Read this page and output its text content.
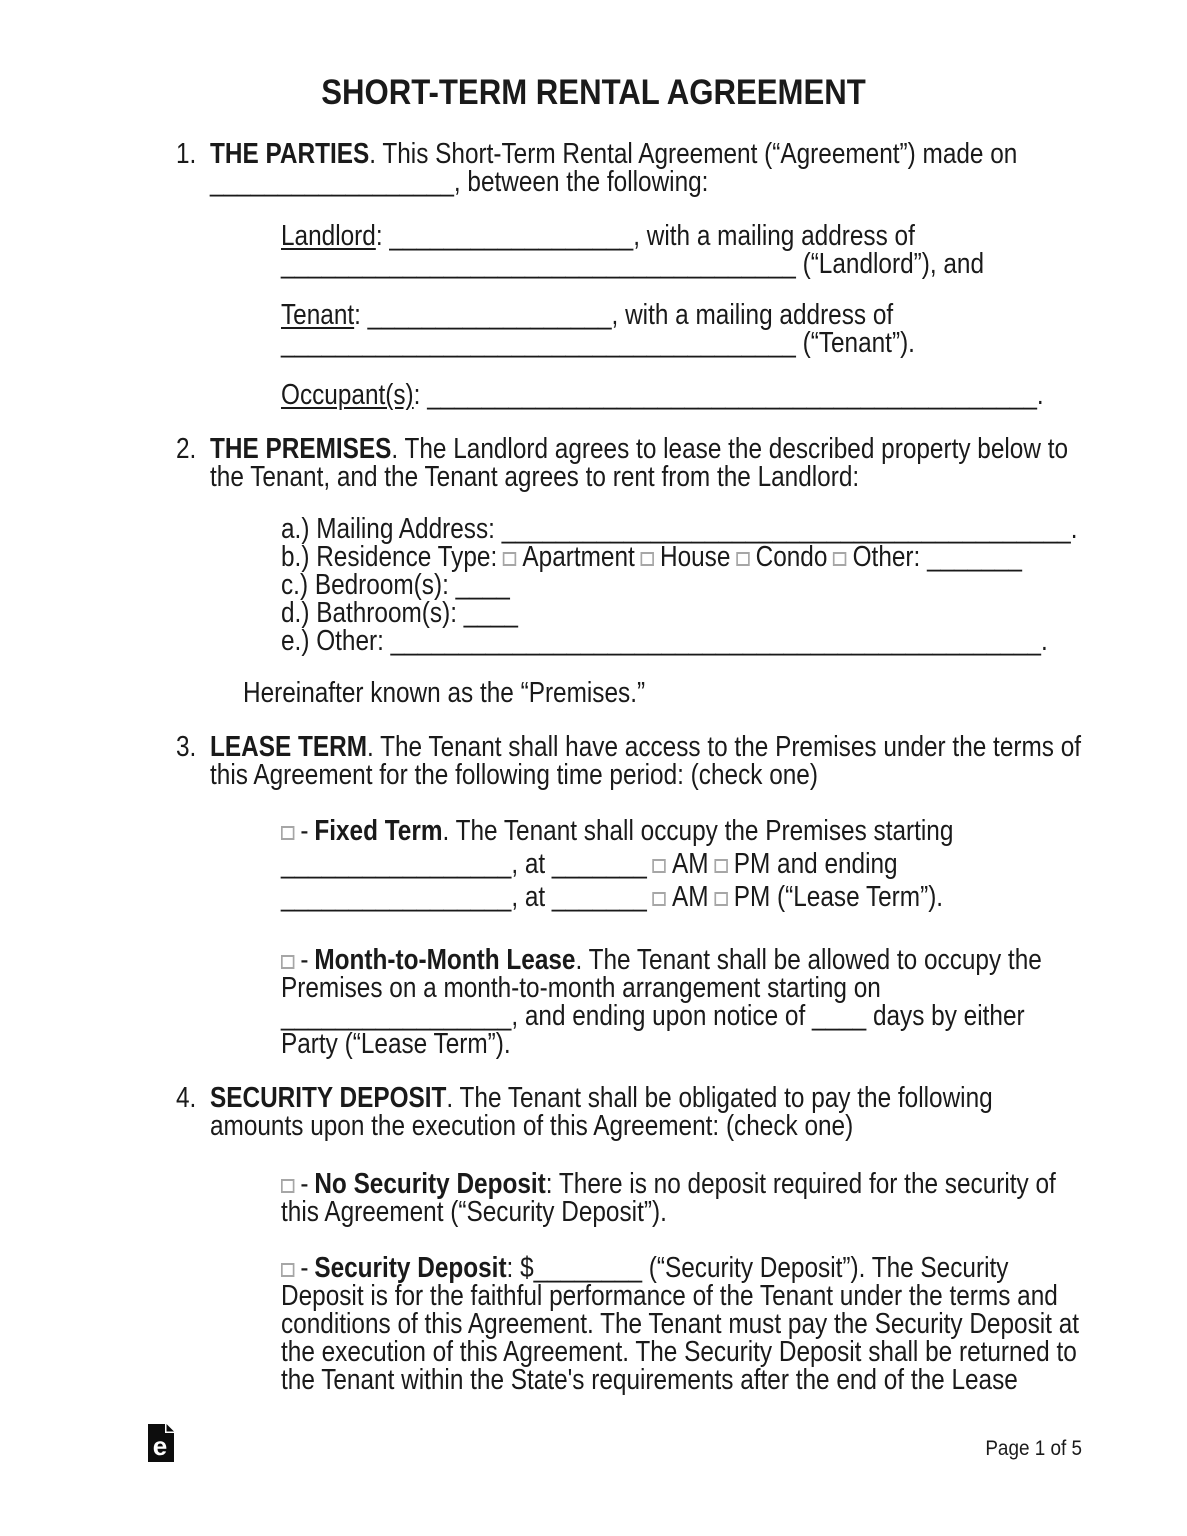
SHORT-TERM RENTAL AGREEMENT
1. THE PARTIES. This Short-Term Rental Agreement (“Agreement”) made on
__________________, between the following:
Landlord: __________________, with a mailing address of
______________________________________ (“Landlord”), and
Tenant: __________________, with a mailing address of
______________________________________ (“Tenant”).
Occupant(s): _____________________________________________.
2. THE PREMISES. The Landlord agrees to lease the described property below to
the Tenant, and the Tenant agrees to rent from the Landlord:
a.) Mailing Address: __________________________________________.
b.) Residence Type: Apartment House Condo Other: _______
c.) Bedroom(s): ____
d.) Bathroom(s): ____
e.) Other: ________________________________________________.
Hereinafter known as the “Premises.”
3. LEASE TERM. The Tenant shall have access to the Premises under the terms of
this Agreement for the following time period: (check one)
- Fixed Term. The Tenant shall occupy the Premises starting
_________________, at _______ AM PM and ending
_________________, at _______ AM PM (“Lease Term”).
- Month-to-Month Lease. The Tenant shall be allowed to occupy the
Premises on a month-to-month arrangement starting on
_________________, and ending upon notice of ____ days by either
Party (“Lease Term”).
4. SECURITY DEPOSIT. The Tenant shall be obligated to pay the following
amounts upon the execution of this Agreement: (check one)
- No Security Deposit: There is no deposit required for the security of
this Agreement (“Security Deposit”).
- Security Deposit: $________ (“Security Deposit”). The Security
Deposit is for the faithful performance of the Tenant under the terms and
conditions of this Agreement. The Tenant must pay the Security Deposit at
the execution of this Agreement. The Security Deposit shall be returned to
the Tenant within the State's requirements after the end of the Lease
e	Page 1 of 5
